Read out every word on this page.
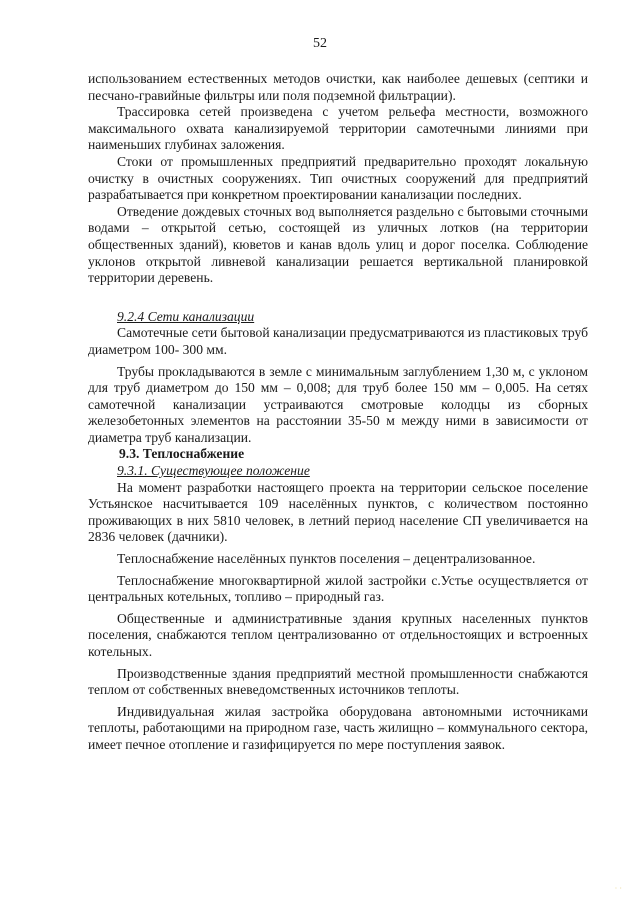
52

использованием естественных методов очистки, как наиболее дешевых (септики и песчано-гравийные фильтры или поля подземной фильтрации).

Трассировка сетей произведена с учетом рельефа местности, возможного максимального охвата канализируемой территории самотечными линиями при наименьших глубинах заложения.

Стоки от промышленных предприятий предварительно проходят локальную очистку в очистных сооружениях. Тип очистных сооружений для предприятий разрабатывается при конкретном проектировании канализации последних.

Отведение дождевых сточных вод выполняется раздельно с бытовыми сточными водами – открытой сетью, состоящей из уличных лотков (на территории общественных зданий), кюветов и канав вдоль улиц и дорог поселка. Соблюдение уклонов открытой ливневой канализации решается вертикальной планировкой территории деревень.

9.2.4 Сети канализации

Самотечные сети бытовой канализации предусматриваются из пластиковых труб диаметром 100- 300 мм.

Трубы прокладываются в земле с минимальным заглублением 1,30 м, с уклоном для труб диаметром до 150 мм – 0,008; для труб более 150 мм – 0,005. На сетях самотечной канализации устраиваются смотровые колодцы из сборных железобетонных элементов на расстоянии 35-50 м между ними в зависимости от диаметра труб канализации.

9.3. Теплоснабжение

9.3.1. Существующее положение

На момент разработки настоящего проекта на территории сельское поселение Устьянское насчитывается 109 населённых пунктов, с количеством постоянно проживающих в них 5810 человек, в летний период население СП увеличивается на 2836 человек (дачники).

Теплоснабжение населённых пунктов поселения – децентрализованное.

Теплоснабжение многоквартирной жилой застройки с.Устье осуществляется от центральных котельных, топливо – природный газ.

Общественные и административные здания крупных населенных пунктов поселения, снабжаются теплом централизованно от отдельностоящих и встроенных котельных.

Производственные здания предприятий местной промышленности снабжаются теплом от собственных вневедомственных источников теплоты.

Индивидуальная жилая застройка оборудована автономными источниками теплоты, работающими на природном газе, часть жилищно – коммунального сектора, имеет печное отопление и газифицируется по мере поступления заявок.

· ·
